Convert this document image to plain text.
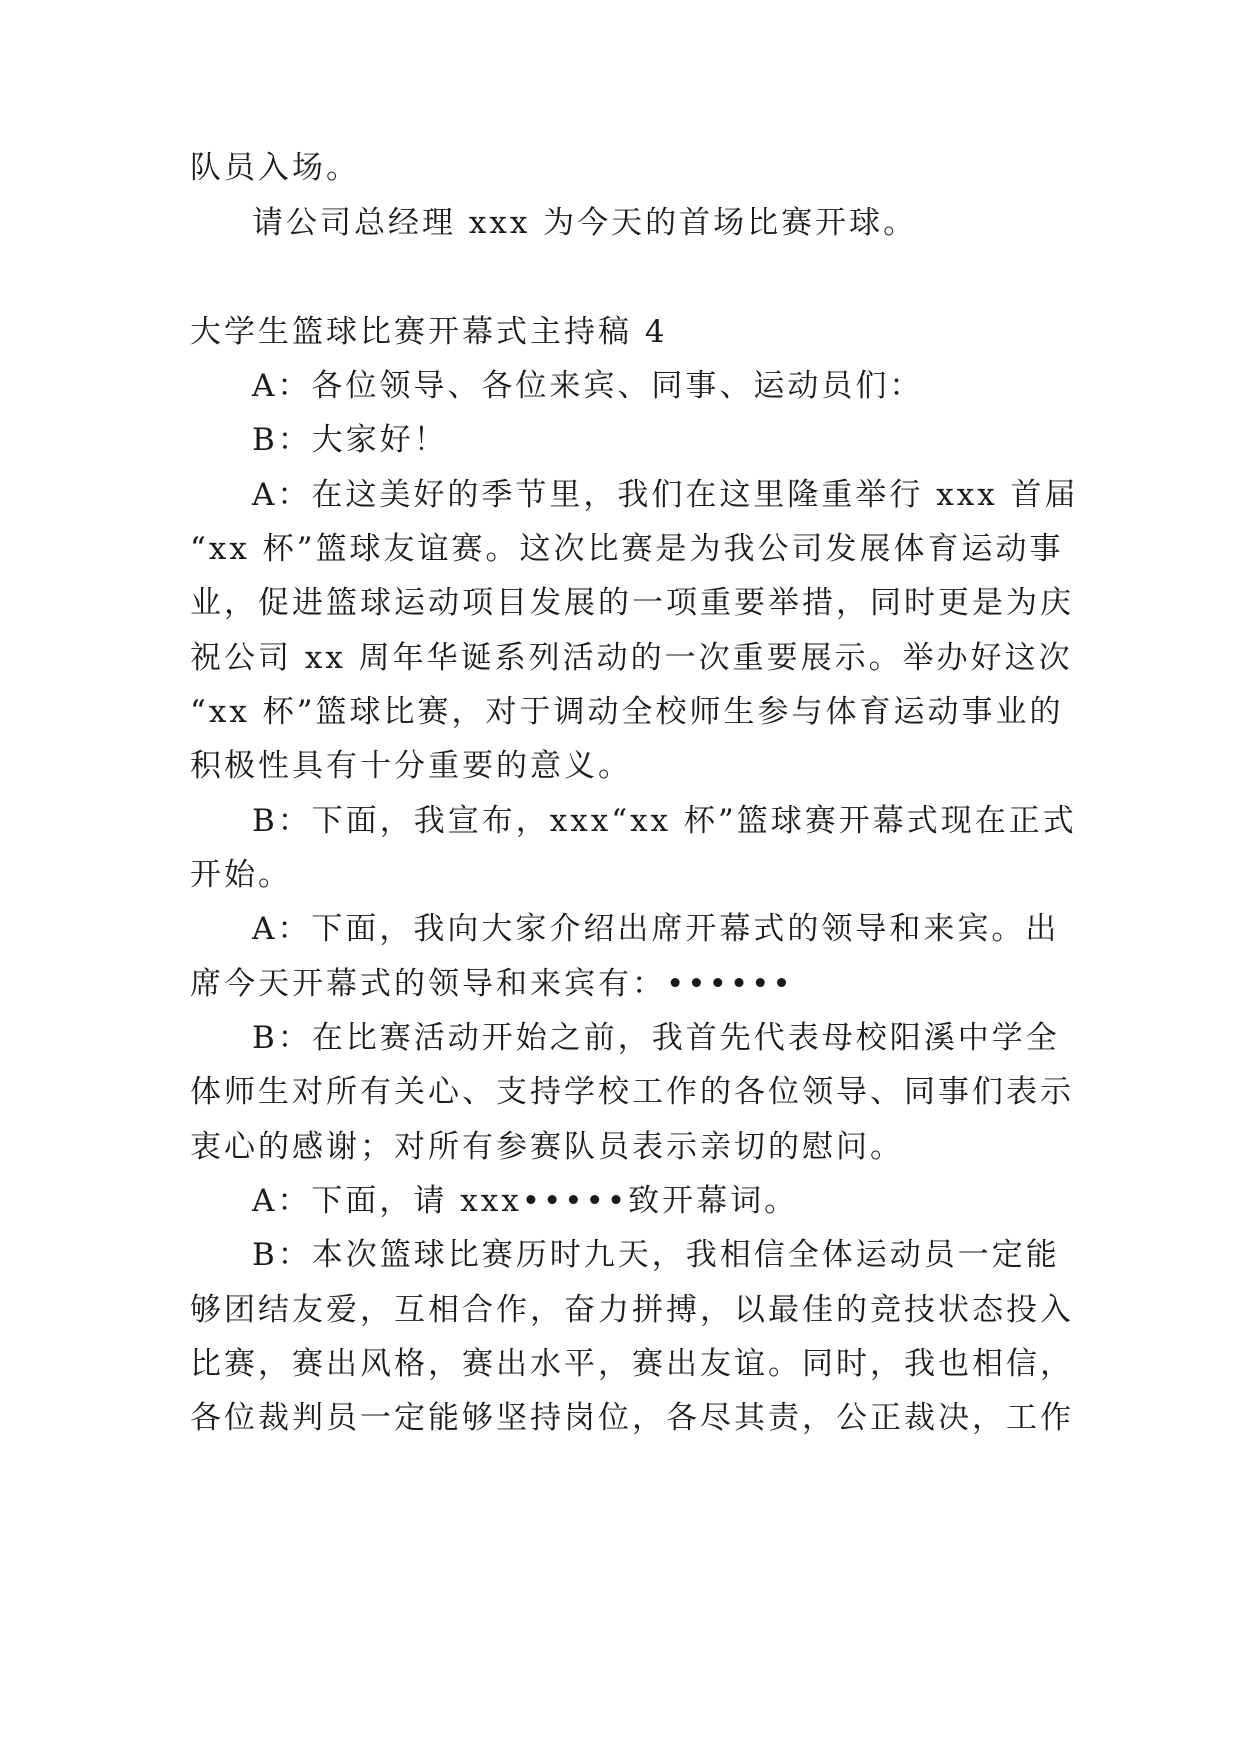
队员入场。
请公司总经理 xxx 为今天的首场比赛开球。
大学生篮球比赛开幕式主持稿 4
A：各位领导、各位来宾、同事、运动员们：
B：大家好！
A：在这美好的季节里，我们在这里隆重举行 xxx 首届
“xx 杯”篮球友谊赛。这次比赛是为我公司发展体育运动事
业，促进篮球运动项目发展的一项重要举措，同时更是为庆
祝公司 xx 周年华诞系列活动的一次重要展示。举办好这次
“xx 杯”篮球比赛，对于调动全校师生参与体育运动事业的
积极性具有十分重要的意义。
B：下面，我宣布，xxx“xx 杯”篮球赛开幕式现在正式
开始。
A：下面，我向大家介绍出席开幕式的领导和来宾。出
席今天开幕式的领导和来宾有：••••••
B：在比赛活动开始之前，我首先代表母校阳溪中学全
体师生对所有关心、支持学校工作的各位领导、同事们表示
衷心的感谢；对所有参赛队员表示亲切的慰问。
A：下面，请 xxx•••••致开幕词。
B：本次篮球比赛历时九天，我相信全体运动员一定能
够团结友爱，互相合作，奋力拼搏，以最佳的竞技状态投入
比赛，赛出风格，赛出水平，赛出友谊。同时，我也相信，
各位裁判员一定能够坚持岗位，各尽其责，公正裁决，工作
